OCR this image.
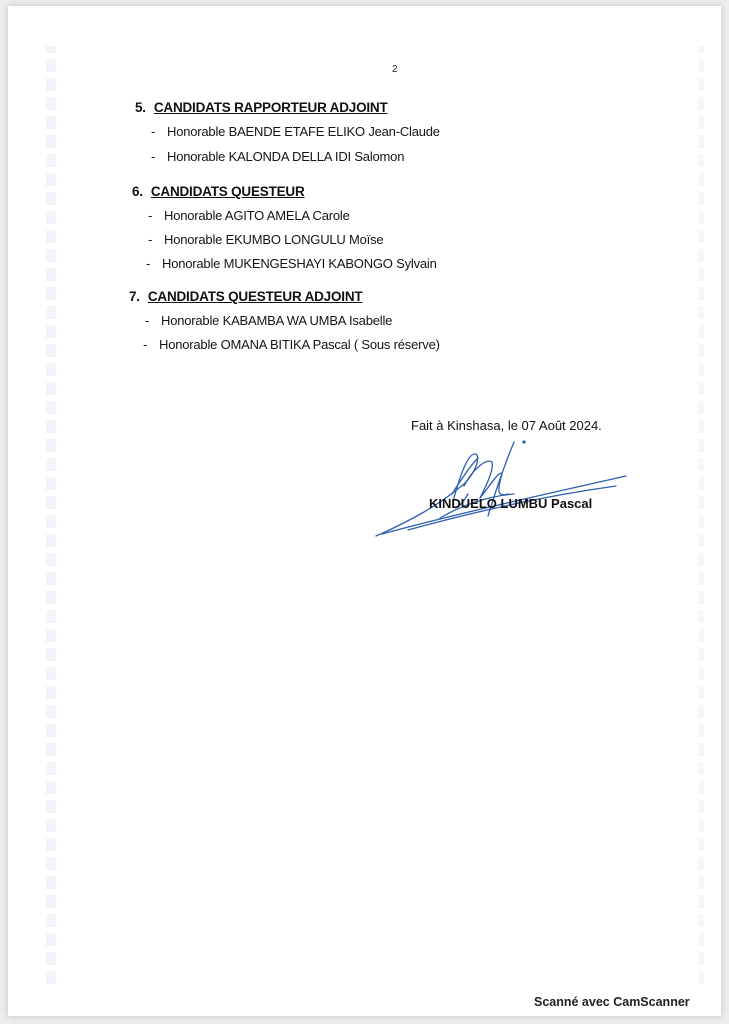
2
5. CANDIDATS RAPPORTEUR ADJOINT
- Honorable BAENDE ETAFE ELIKO Jean-Claude
- Honorable KALONDA DELLA IDI Salomon
6. CANDIDATS QUESTEUR
- Honorable AGITO AMELA Carole
- Honorable EKUMBO LONGULU Moïse
- Honorable MUKENGESHAYI KABONGO Sylvain
7. CANDIDATS QUESTEUR ADJOINT
- Honorable KABAMBA WA UMBA Isabelle
- Honorable OMANA BITIKA Pascal ( Sous réserve)
Fait à Kinshasa, le 07 Août 2024.
KINDUELO LUMBU Pascal
Scanné avec CamScanner
